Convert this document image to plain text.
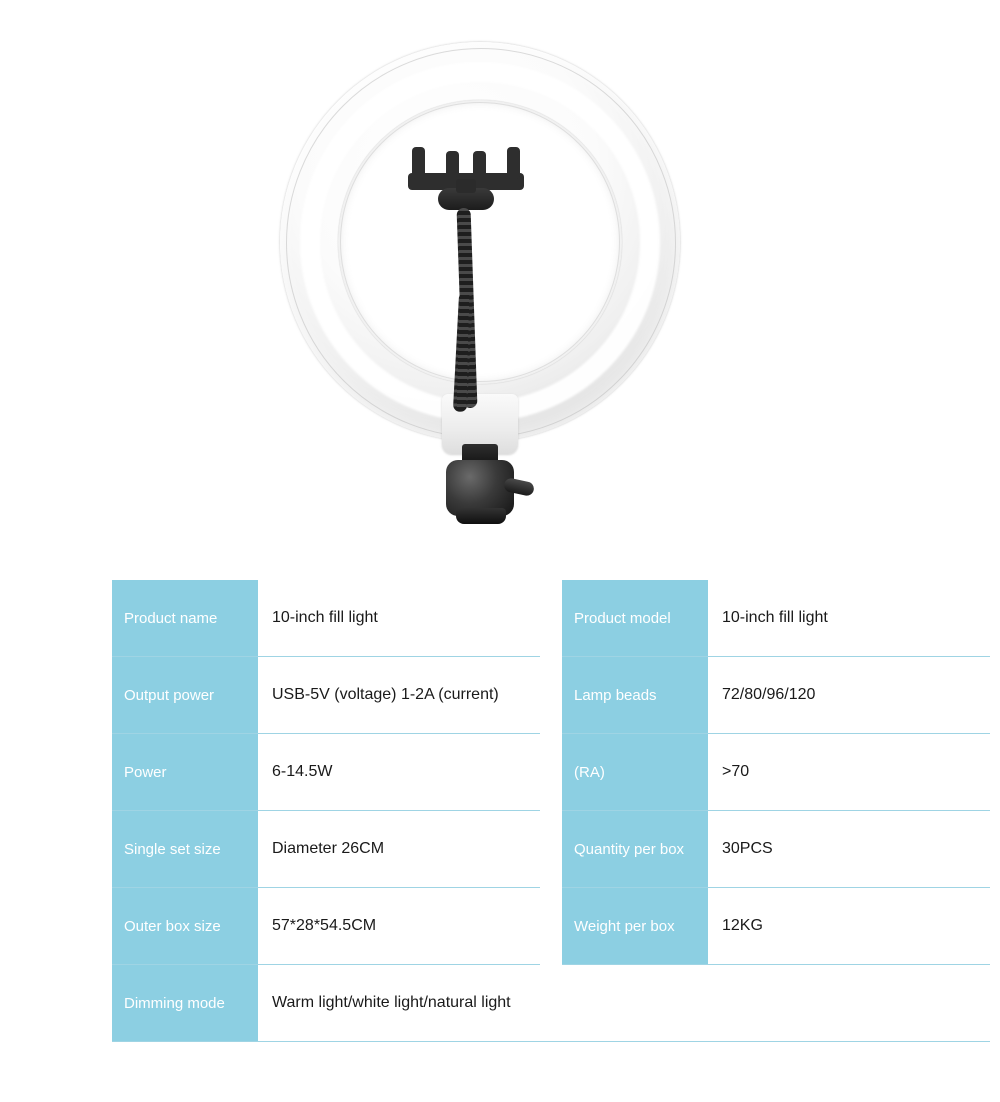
Product name	10-inch fill light
Output power	USB-5V (voltage) 1-2A (current)
Power	6-14.5W
Single set size	Diameter 26CM
Outer box size	57*28*54.5CM
Product model	10-inch fill light
Lamp beads	72/80/96/120
(RA)	>70
Quantity per box	30PCS
Weight per box	12KG
Dimming mode	Warm light/white light/natural light
